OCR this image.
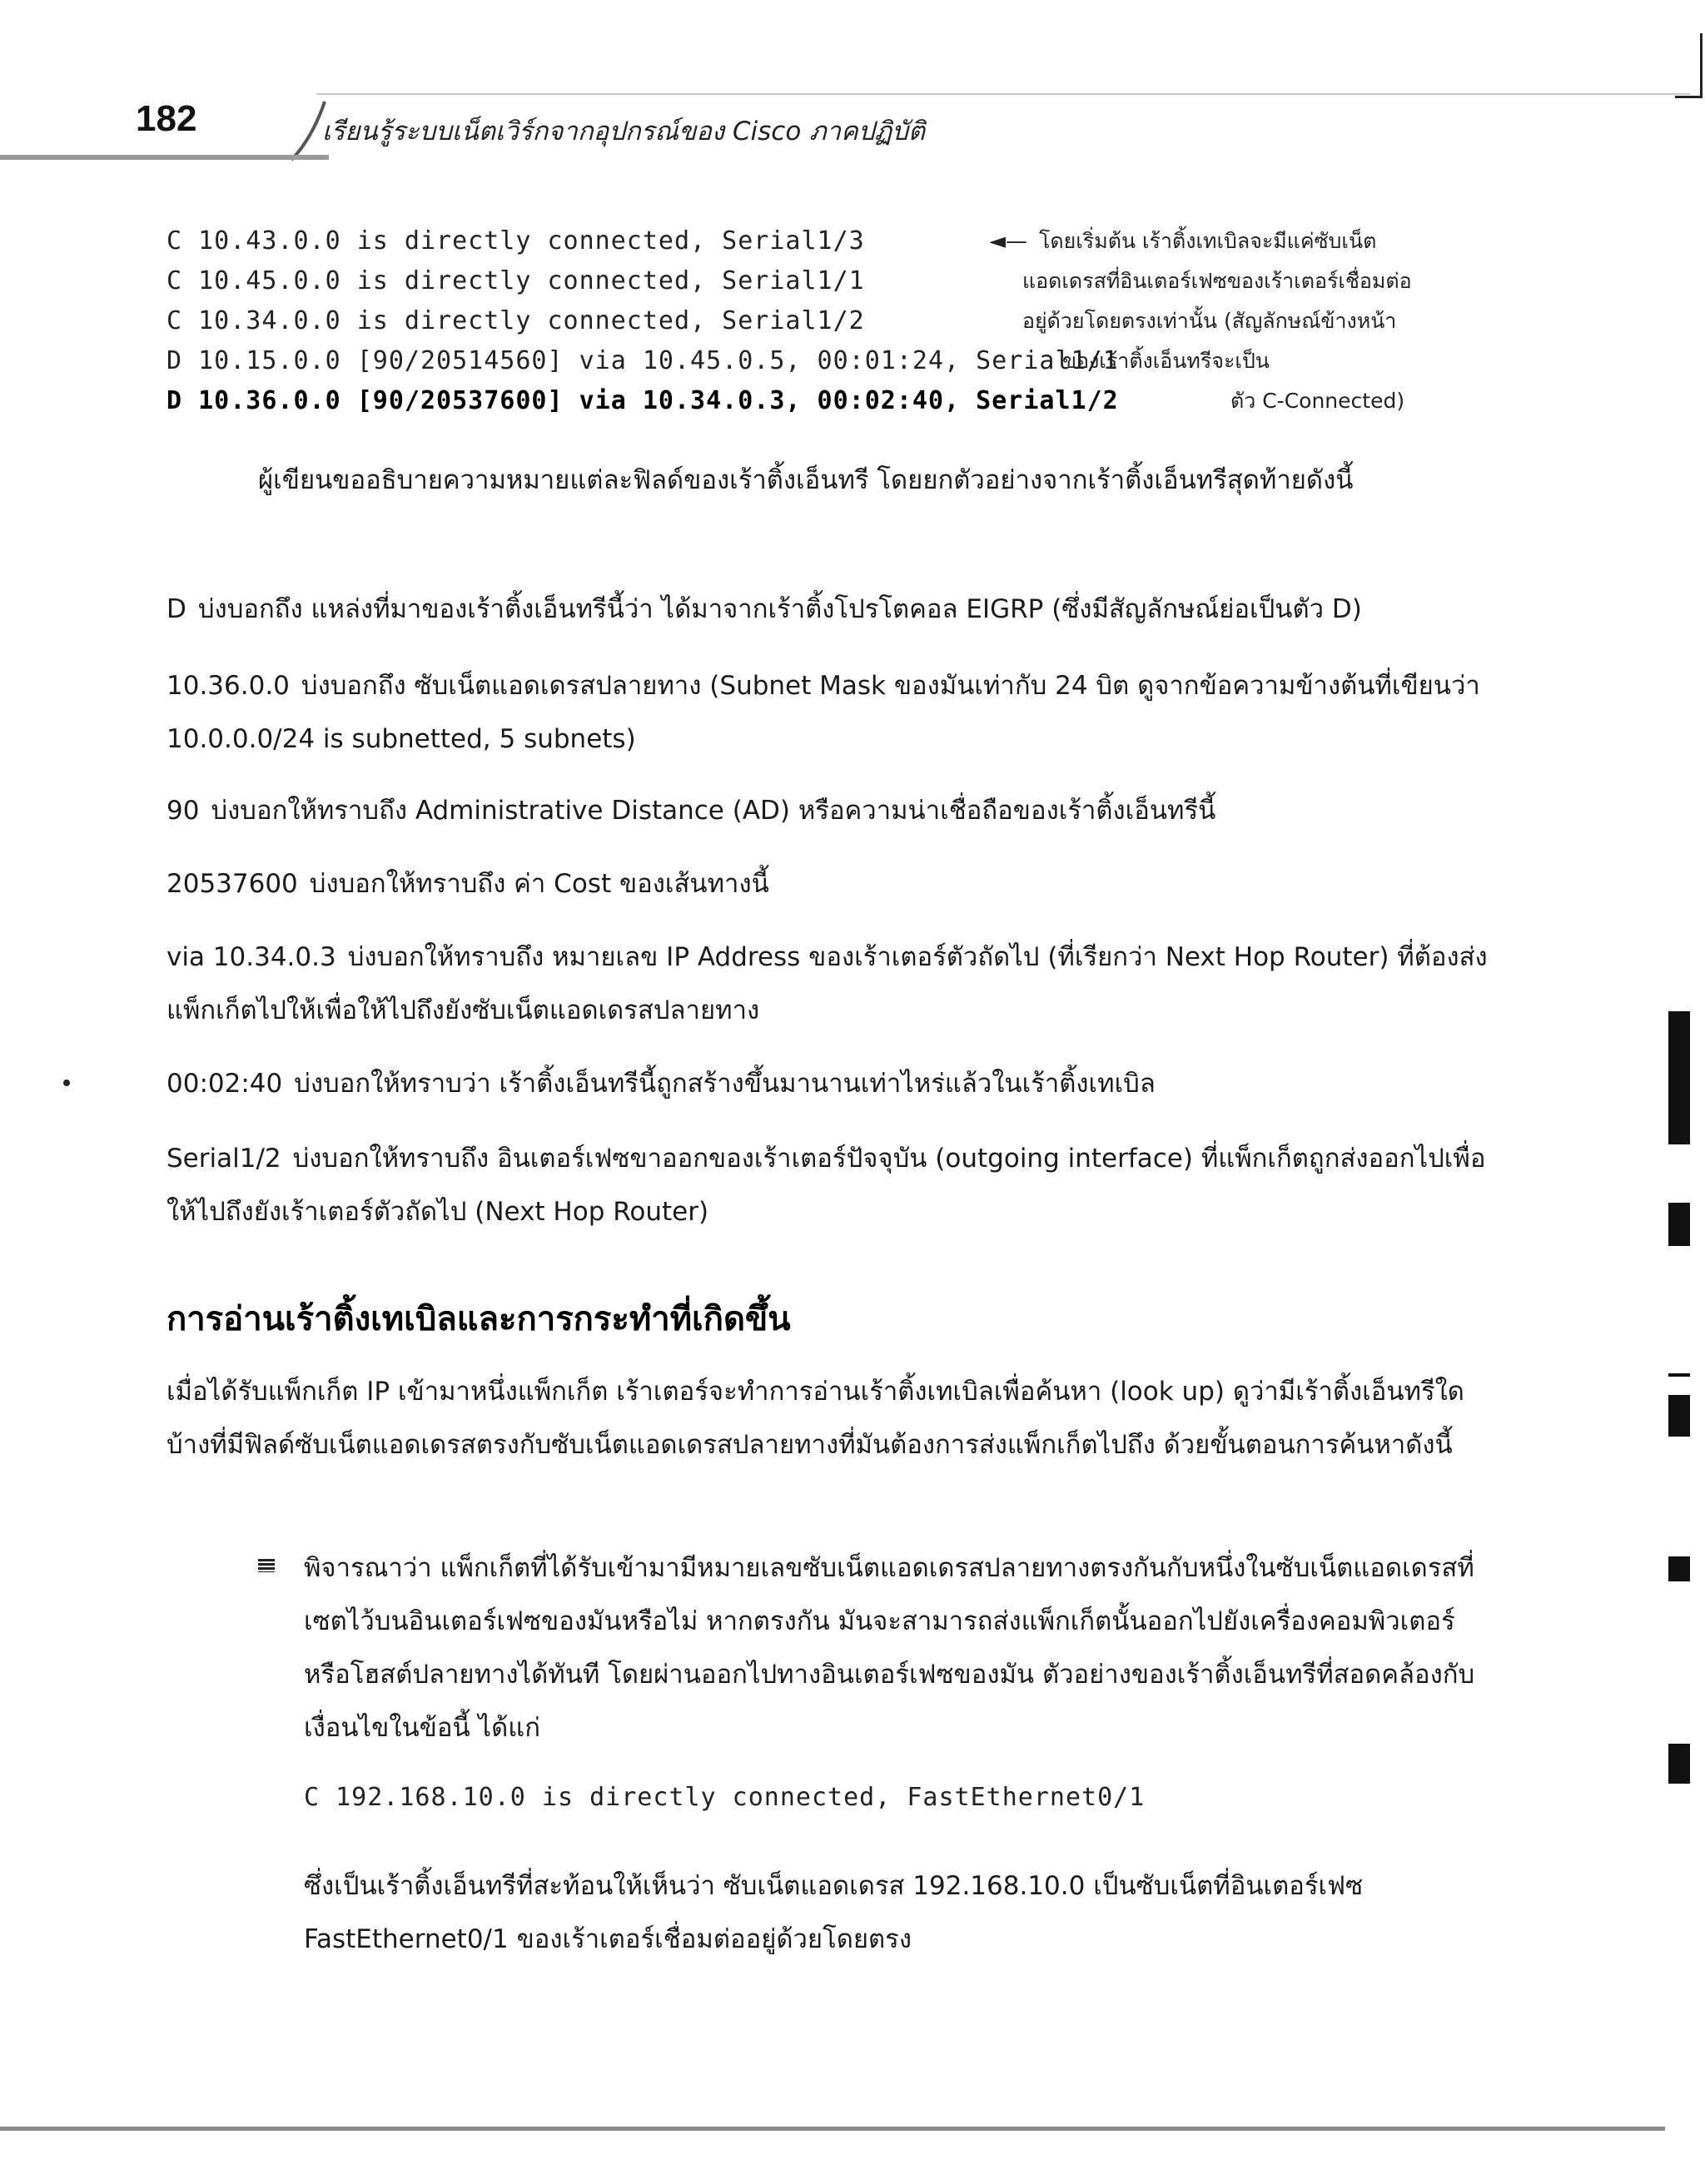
182	เรียนรู้ระบบเน็ตเวิร์กจากอุปกรณ์ของ Cisco ภาคปฏิบัติ
C 10.43.0.0 is directly connected, Serial1/3
C 10.45.0.0 is directly connected, Serial1/1
C 10.34.0.0 is directly connected, Serial1/2
D 10.15.0.0 [90/20514560] via 10.45.0.5, 00:01:24, Serial1/1
D 10.36.0.0 [90/20537600] via 10.34.0.3, 00:02:40, Serial1/2
◄— โดยเริ่มต้น เร้าติ้งเทเบิลจะมีแค่ซับเน็ต
แอดเดรสที่อินเตอร์เฟซของเร้าเตอร์เชื่อมต่อ
อยู่ด้วยโดยตรงเท่านั้น (สัญลักษณ์ข้างหน้า
ของเร้าติ้งเอ็นทรีจะเป็น
ตัว C-Connected)
ผู้เขียนขออธิบายความหมายแต่ละฟิลด์ของเร้าติ้งเอ็นทรี โดยยกตัวอย่างจากเร้าติ้งเอ็นทรีสุดท้ายดังนี้
D บ่งบอกถึง แหล่งที่มาของเร้าติ้งเอ็นทรีนี้ว่า ได้มาจากเร้าติ้งโปรโตคอล EIGRP (ซึ่งมีสัญลักษณ์ย่อเป็นตัว D)
10.36.0.0 บ่งบอกถึง ซับเน็ตแอดเดรสปลายทาง (Subnet Mask ของมันเท่ากับ 24 บิต ดูจากข้อความข้างต้นที่เขียนว่า 10.0.0.0/24 is subnetted, 5 subnets)
90 บ่งบอกให้ทราบถึง Administrative Distance (AD) หรือความน่าเชื่อถือของเร้าติ้งเอ็นทรีนี้
20537600 บ่งบอกให้ทราบถึง ค่า Cost ของเส้นทางนี้
via 10.34.0.3 บ่งบอกให้ทราบถึง หมายเลข IP Address ของเร้าเตอร์ตัวถัดไป (ที่เรียกว่า Next Hop Router) ที่ต้องส่งแพ็กเก็ตไปให้เพื่อให้ไปถึงยังซับเน็ตแอดเดรสปลายทาง
00:02:40 บ่งบอกให้ทราบว่า เร้าติ้งเอ็นทรีนี้ถูกสร้างขึ้นมานานเท่าไหร่แล้วในเร้าติ้งเทเบิล
Serial1/2 บ่งบอกให้ทราบถึง อินเตอร์เฟซขาออกของเร้าเตอร์ปัจจุบัน (outgoing interface) ที่แพ็กเก็ตถูกส่งออกไปเพื่อให้ไปถึงยังเร้าเตอร์ตัวถัดไป (Next Hop Router)
การอ่านเร้าติ้งเทเบิลและการกระทำที่เกิดขึ้น
เมื่อได้รับแพ็กเก็ต IP เข้ามาหนึ่งแพ็กเก็ต เร้าเตอร์จะทำการอ่านเร้าติ้งเทเบิลเพื่อค้นหา (look up) ดูว่ามีเร้าติ้งเอ็นทรีใดบ้างที่มีฟิลด์ซับเน็ตแอดเดรสตรงกับซับเน็ตแอดเดรสปลายทางที่มันต้องการส่งแพ็กเก็ตไปถึง ด้วยขั้นตอนการค้นหาดังนี้
พิจารณาว่า แพ็กเก็ตที่ได้รับเข้ามามีหมายเลขซับเน็ตแอดเดรสปลายทางตรงกันกับหนึ่งในซับเน็ตแอดเดรสที่เซตไว้บนอินเตอร์เฟซของมันหรือไม่ หากตรงกัน มันจะสามารถส่งแพ็กเก็ตนั้นออกไปยังเครื่องคอมพิวเตอร์หรือโฮสต์ปลายทางได้ทันที โดยผ่านออกไปทางอินเตอร์เฟซของมัน ตัวอย่างของเร้าติ้งเอ็นทรีที่สอดคล้องกับเงื่อนไขในข้อนี้ ได้แก่
C 192.168.10.0 is directly connected, FastEthernet0/1
ซึ่งเป็นเร้าติ้งเอ็นทรีที่สะท้อนให้เห็นว่า ซับเน็ตแอดเดรส 192.168.10.0 เป็นซับเน็ตที่อินเตอร์เฟซ FastEthernet0/1 ของเร้าเตอร์เชื่อมต่ออยู่ด้วยโดยตรง
